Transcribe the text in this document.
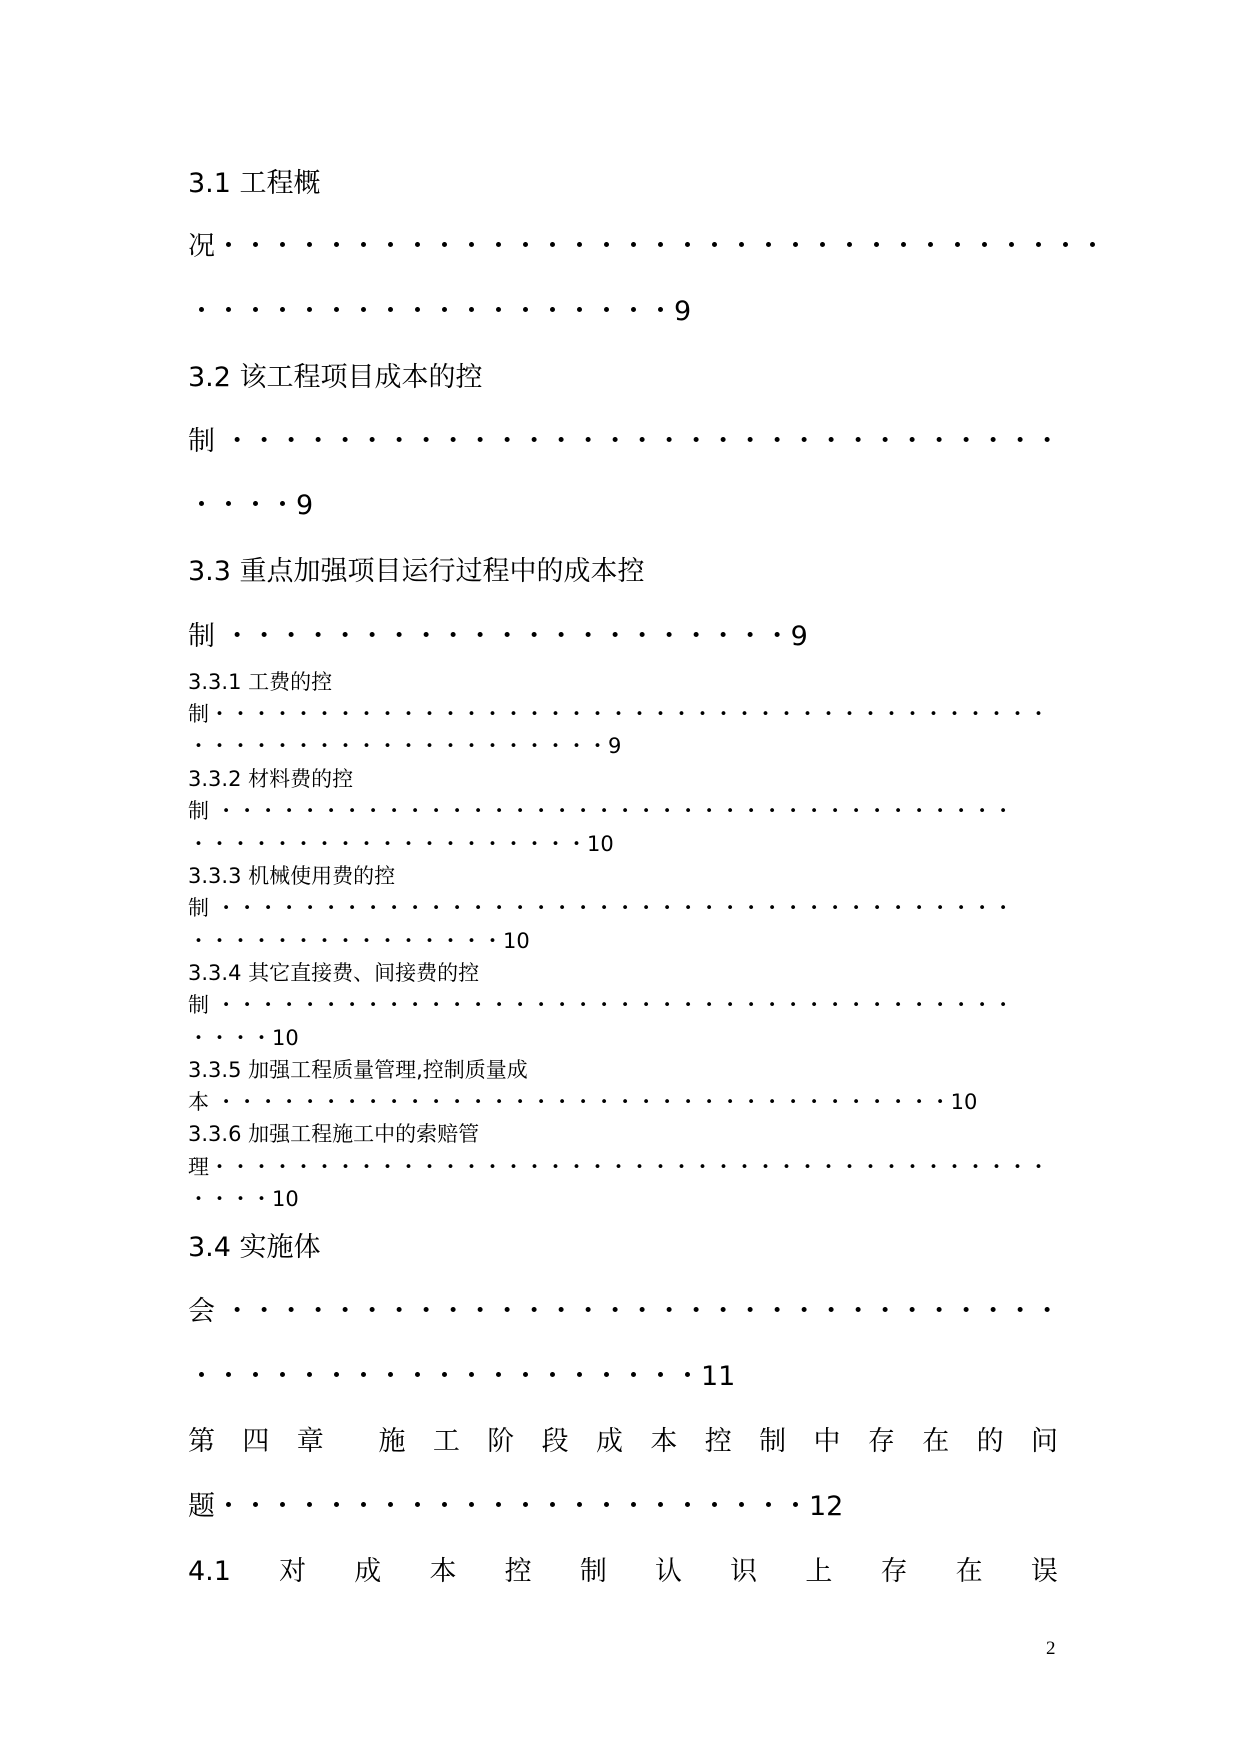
3.1 工程概
况・・・・・・・・・・・・・・・・・・・・・・・・・・・・・・・・・
・・・・・・・・・・・・・・・・・・9
3.2 该工程项目成本的控
制 ・・・・・・・・・・・・・・・・・・・・・・・・・・・・・・・
・・・・9
3.3 重点加强项目运行过程中的成本控
制 ・・・・・・・・・・・・・・・・・・・・・9
3.3.1 工费的控
制・・・・・・・・・・・・・・・・・・・・・・・・・・・・・・・・・・・・・・・・
・・・・・・・・・・・・・・・・・・・・9
3.3.2 材料费的控
制 ・・・・・・・・・・・・・・・・・・・・・・・・・・・・・・・・・・・・・・
・・・・・・・・・・・・・・・・・・・10
3.3.3 机械使用费的控
制 ・・・・・・・・・・・・・・・・・・・・・・・・・・・・・・・・・・・・・・
・・・・・・・・・・・・・・・10
3.3.4 其它直接费、间接费的控
制 ・・・・・・・・・・・・・・・・・・・・・・・・・・・・・・・・・・・・・・
・・・・10
3.3.5 加强工程质量管理,控制质量成
本 ・・・・・・・・・・・・・・・・・・・・・・・・・・・・・・・・・・・10
3.3.6 加强工程施工中的索赔管
理・・・・・・・・・・・・・・・・・・・・・・・・・・・・・・・・・・・・・・・・
・・・・10
3.4 实施体
会 ・・・・・・・・・・・・・・・・・・・・・・・・・・・・・・・
・・・・・・・・・・・・・・・・・・・11
第 四 章 施 工 阶 段 成 本 控 制 中 存 在 的 问
题・・・・・・・・・・・・・・・・・・・・・・12
4.1 对 成 本 控 制 认 识 上 存 在 误
2
